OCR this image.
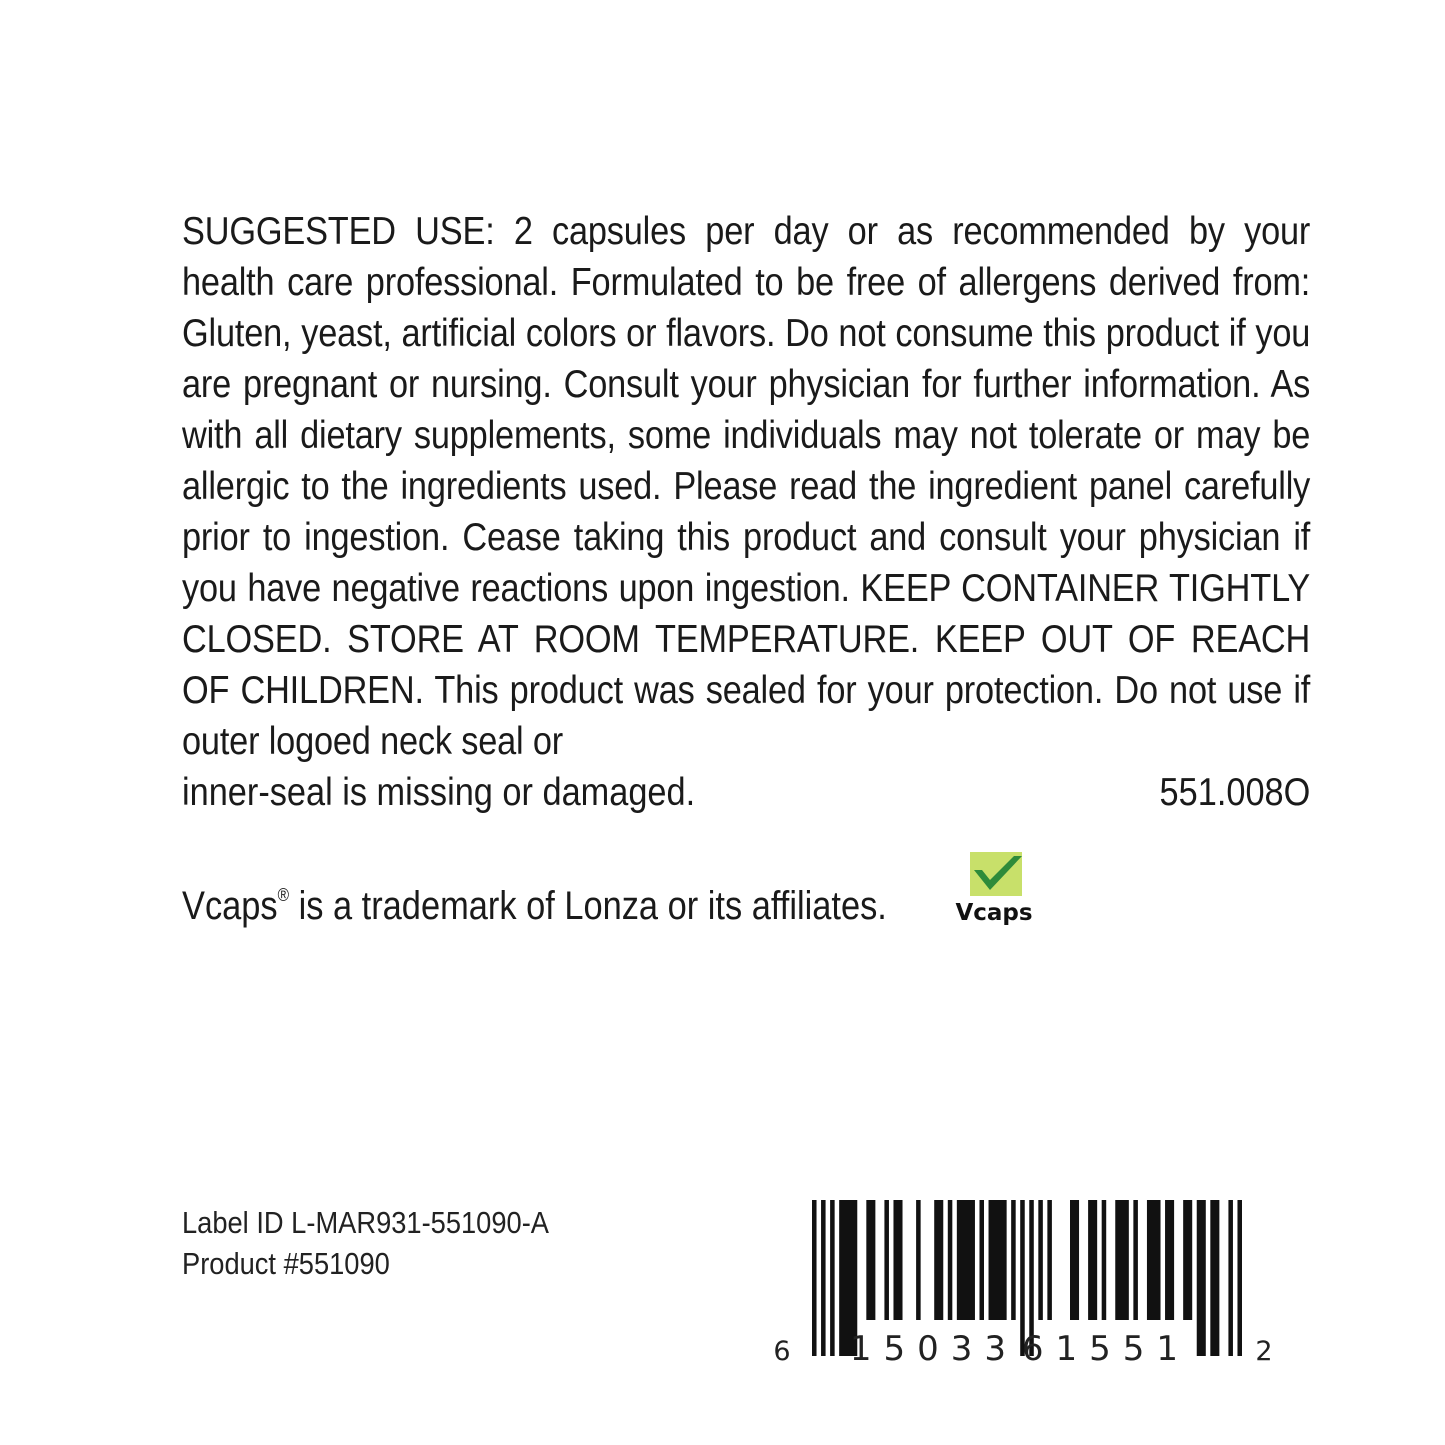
SUGGESTED USE: 2 capsules per day or as recommended by your health care professional. Formulated to be free of allergens derived from: Gluten, yeast, artificial colors or flavors. Do not consume this product if you are pregnant or nursing. Consult your physician for further information. As with all dietary supplements, some individuals may not tolerate or may be allergic to the ingredients used. Please read the ingredient panel carefully prior to ingestion. Cease taking this product and consult your physician if you have negative reactions upon ingestion. KEEP CONTAINER TIGHTLY CLOSED. STORE AT ROOM TEMPERATURE. KEEP OUT OF REACH OF CHILDREN. This product was sealed for your protection. Do not use if outer logoed neck seal or

inner-seal is missing or damaged.	551.008O
Vcaps® is a trademark of Lonza or its affiliates.	Vcaps
Label ID L-MAR931-551090-A
Product #551090
6 15033 61551 2
